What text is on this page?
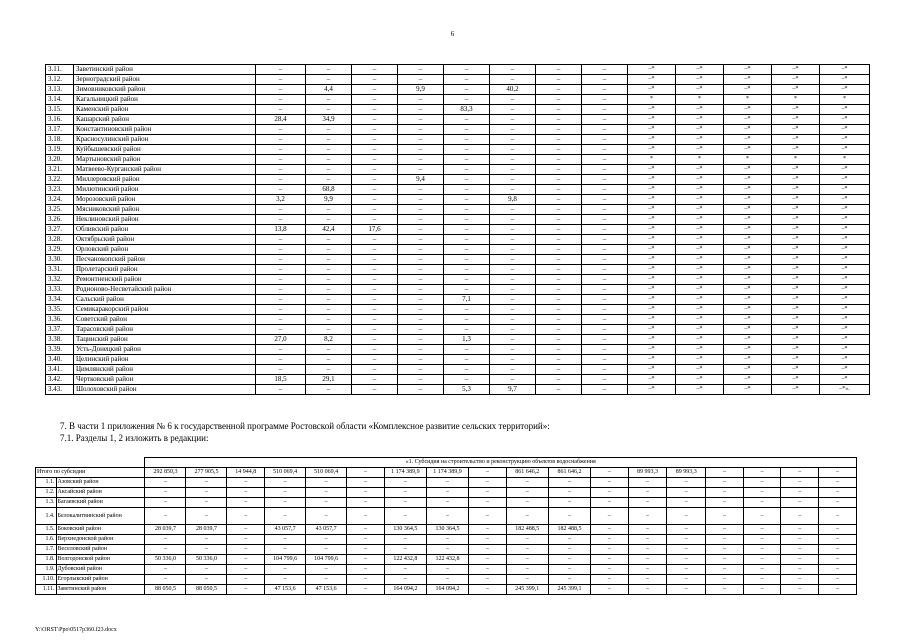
6
3.11.	Заветинский район	–	–	–	–	–	–	–	–	–*	–*	–*	–*	–*
3.12.	Зерноградский район	–	–	–	–	–	–	–	–	–*	–*	–*	–*	–*
3.13.	Зимовниковский район	–	4,4	–	9,9	–	40,2	–	–	–*	–*	–*	–*	–*
3.14.	Кагальницкий район	–	–	–	–	–	–	–	–	*	*	*	*	*
3.15.	Каменский район	–	–	–	–	83,3	–	–	–	–*	–*	–*	–*	–*
3.16.	Кашарский район	28,4	34,9	–	–	–	–	–	–	–*	–*	–*	–*	–*
3.17.	Константиновский район	–	–	–	–	–	–	–	–	–*	–*	–*	–*	–*
3.18.	Красносулинский район	–	–	–	–	–	–	–	–	–*	–*	–*	–*	–*
3.19.	Куйбышевский район	–	–	–	–	–	–	–	–	–*	–*	–*	–*	–*
3.20.	Мартыновский район	–	–	–	–	–	–	–	–	*	*	*	*	*
3.21.	Матвеево-Курганский район	–	–	–	–	–	–	–	–	–*	–*	–*	–*	–*
3.22.	Миллеровский район	–	–	–	9,4	–	–	–	–	–*	–*	–*	–*	–*
3.23.	Милютинский район	–	68,8	–	–	–	–	–	–	–*	–*	–*	–*	–*
3.24.	Морозовский район	3,2	9,9	–	–	–	9,8	–	–	–*	–*	–*	–*	–*
3.25.	Мясниковский район	–	–	–	–	–	–	–	–	–*	–*	–*	–*	–*
3.26.	Неклиновский район	–	–	–	–	–	–	–	–	–*	–*	–*	–*	–*
3.27.	Обливский район	13,8	42,4	17,6	–	–	–	–	–	–*	–*	–*	–*	–*
3.28.	Октябрьский район	–	–	–	–	–	–	–	–	–*	–*	–*	–*	–*
3.29.	Орловский район	–	–	–	–	–	–	–	–	–*	–*	–*	–*	–*
3.30.	Песчанокопский район	–	–	–	–	–	–	–	–	–*	–*	–*	–*	–*
3.31.	Пролетарский район	–	–	–	–	–	–	–	–	–*	–*	–*	–*	–*
3.32.	Ремонтненский район	–	–	–	–	–	–	–	–	–*	–*	–*	–*	–*
3.33.	Родионово-Несветайский район	–	–	–	–	–	–	–	–	–*	–*	–*	–*	–*
3.34.	Сальский район	–	–	–	–	7,1	–	–	–	–*	–*	–*	–*	–*
3.35.	Семикаракорский район	–	–	–	–	–	–	–	–	–*	–*	–*	–*	–*
3.36.	Советский район	–	–	–	–	–	–	–	–	–*	–*	–*	–*	–*
3.37.	Тарасовский район	–	–	–	–	–	–	–	–	–*	–*	–*	–*	–*
3.38.	Тацинский район	27,0	8,2	–	–	1,3	–	–	–	–*	–*	–*	–*	–*
3.39.	Усть-Донецкий район	–	–	–	–	–	–	–	–	–*	–*	–*	–*	–*
3.40.	Целинский район	–	–	–	–	–	–	–	–	–*	–*	–*	–*	–*
3.41.	Цимлянский район	–	–	–	–	–	–	–	–	–*	–*	–*	–*	–*
3.42.	Чертковский район	18,5	29,1	–	–	–	–	–	–	–*	–*	–*	–*	–*
3.43.	Шолоховский район	–	–	–	–	5,3	9,7	–	–	–*	–*	–*	–*	–*».
7. В части 1 приложения № 6 к государственной программе Ростовской области «Комплексное развитие сельских территорий»:
7.1. Разделы 1, 2 изложить в редакции:
		«1. Субсидия на строительство и реконструкцию объектов водоснабжения																	
Итого по субсидии		292 850,3	277 905,5	14 944,8	510 069,4	510 069,4	–	1 174 389,9	1 174 389,9	–	861 646,2	861 646,2	–	89 993,3	89 993,3	–	–	–	–
1.1.	Азовский район	–	–	–	–	–	–	–	–	–	–	–	–	–	–	–	–	–	–
1.2.	Аксайский район	–	–	–	–	–	–	–	–	–	–	–	–	–	–	–	–	–	–
1.3.	Багаевский район	–	–	–	–	–	–	–	–	–	–	–	–	–	–	–	–	–	–
1.4.	Белокалитвинский район	–	–	–	–	–	–	–	–	–	–	–	–	–	–	–	–	–	–
1.5.	Боковский район	28 039,7	28 039,7	–	43 057,7	43 057,7	–	130 364,5	130 364,5	–	182 488,5	182 488,5	–	–	–	–	–	–	–
1.6.	Верхнедонской район	–	–	–	–	–	–	–	–	–	–	–	–	–	–	–	–	–	–
1.7.	Веселовский район	–	–	–	–	–	–	–	–	–	–	–	–	–	–	–	–	–	–
1.8.	Волгодонской район	50 336,0	50 336,0	–	104 799,6	104 799,6	–	122 432,8	122 432,8	–	–	–	–	–	–	–	–	–	–
1.9.	Дубовский район	–	–	–	–	–	–	–	–	–	–	–	–	–	–	–	–	–	–
1.10.	Егорлыкский район	–	–	–	–	–	–	–	–	–	–	–	–	–	–	–	–	–	–
1.11.	Заветинский район	88 050,5	88 050,5	–	47 153,6	47 153,6	–	164 094,2	164 094,2	–	245 399,1	245 399,1	–	–	–	–	–	–	–
Y:\ORST\Ppo\0517p360.f23.docx
